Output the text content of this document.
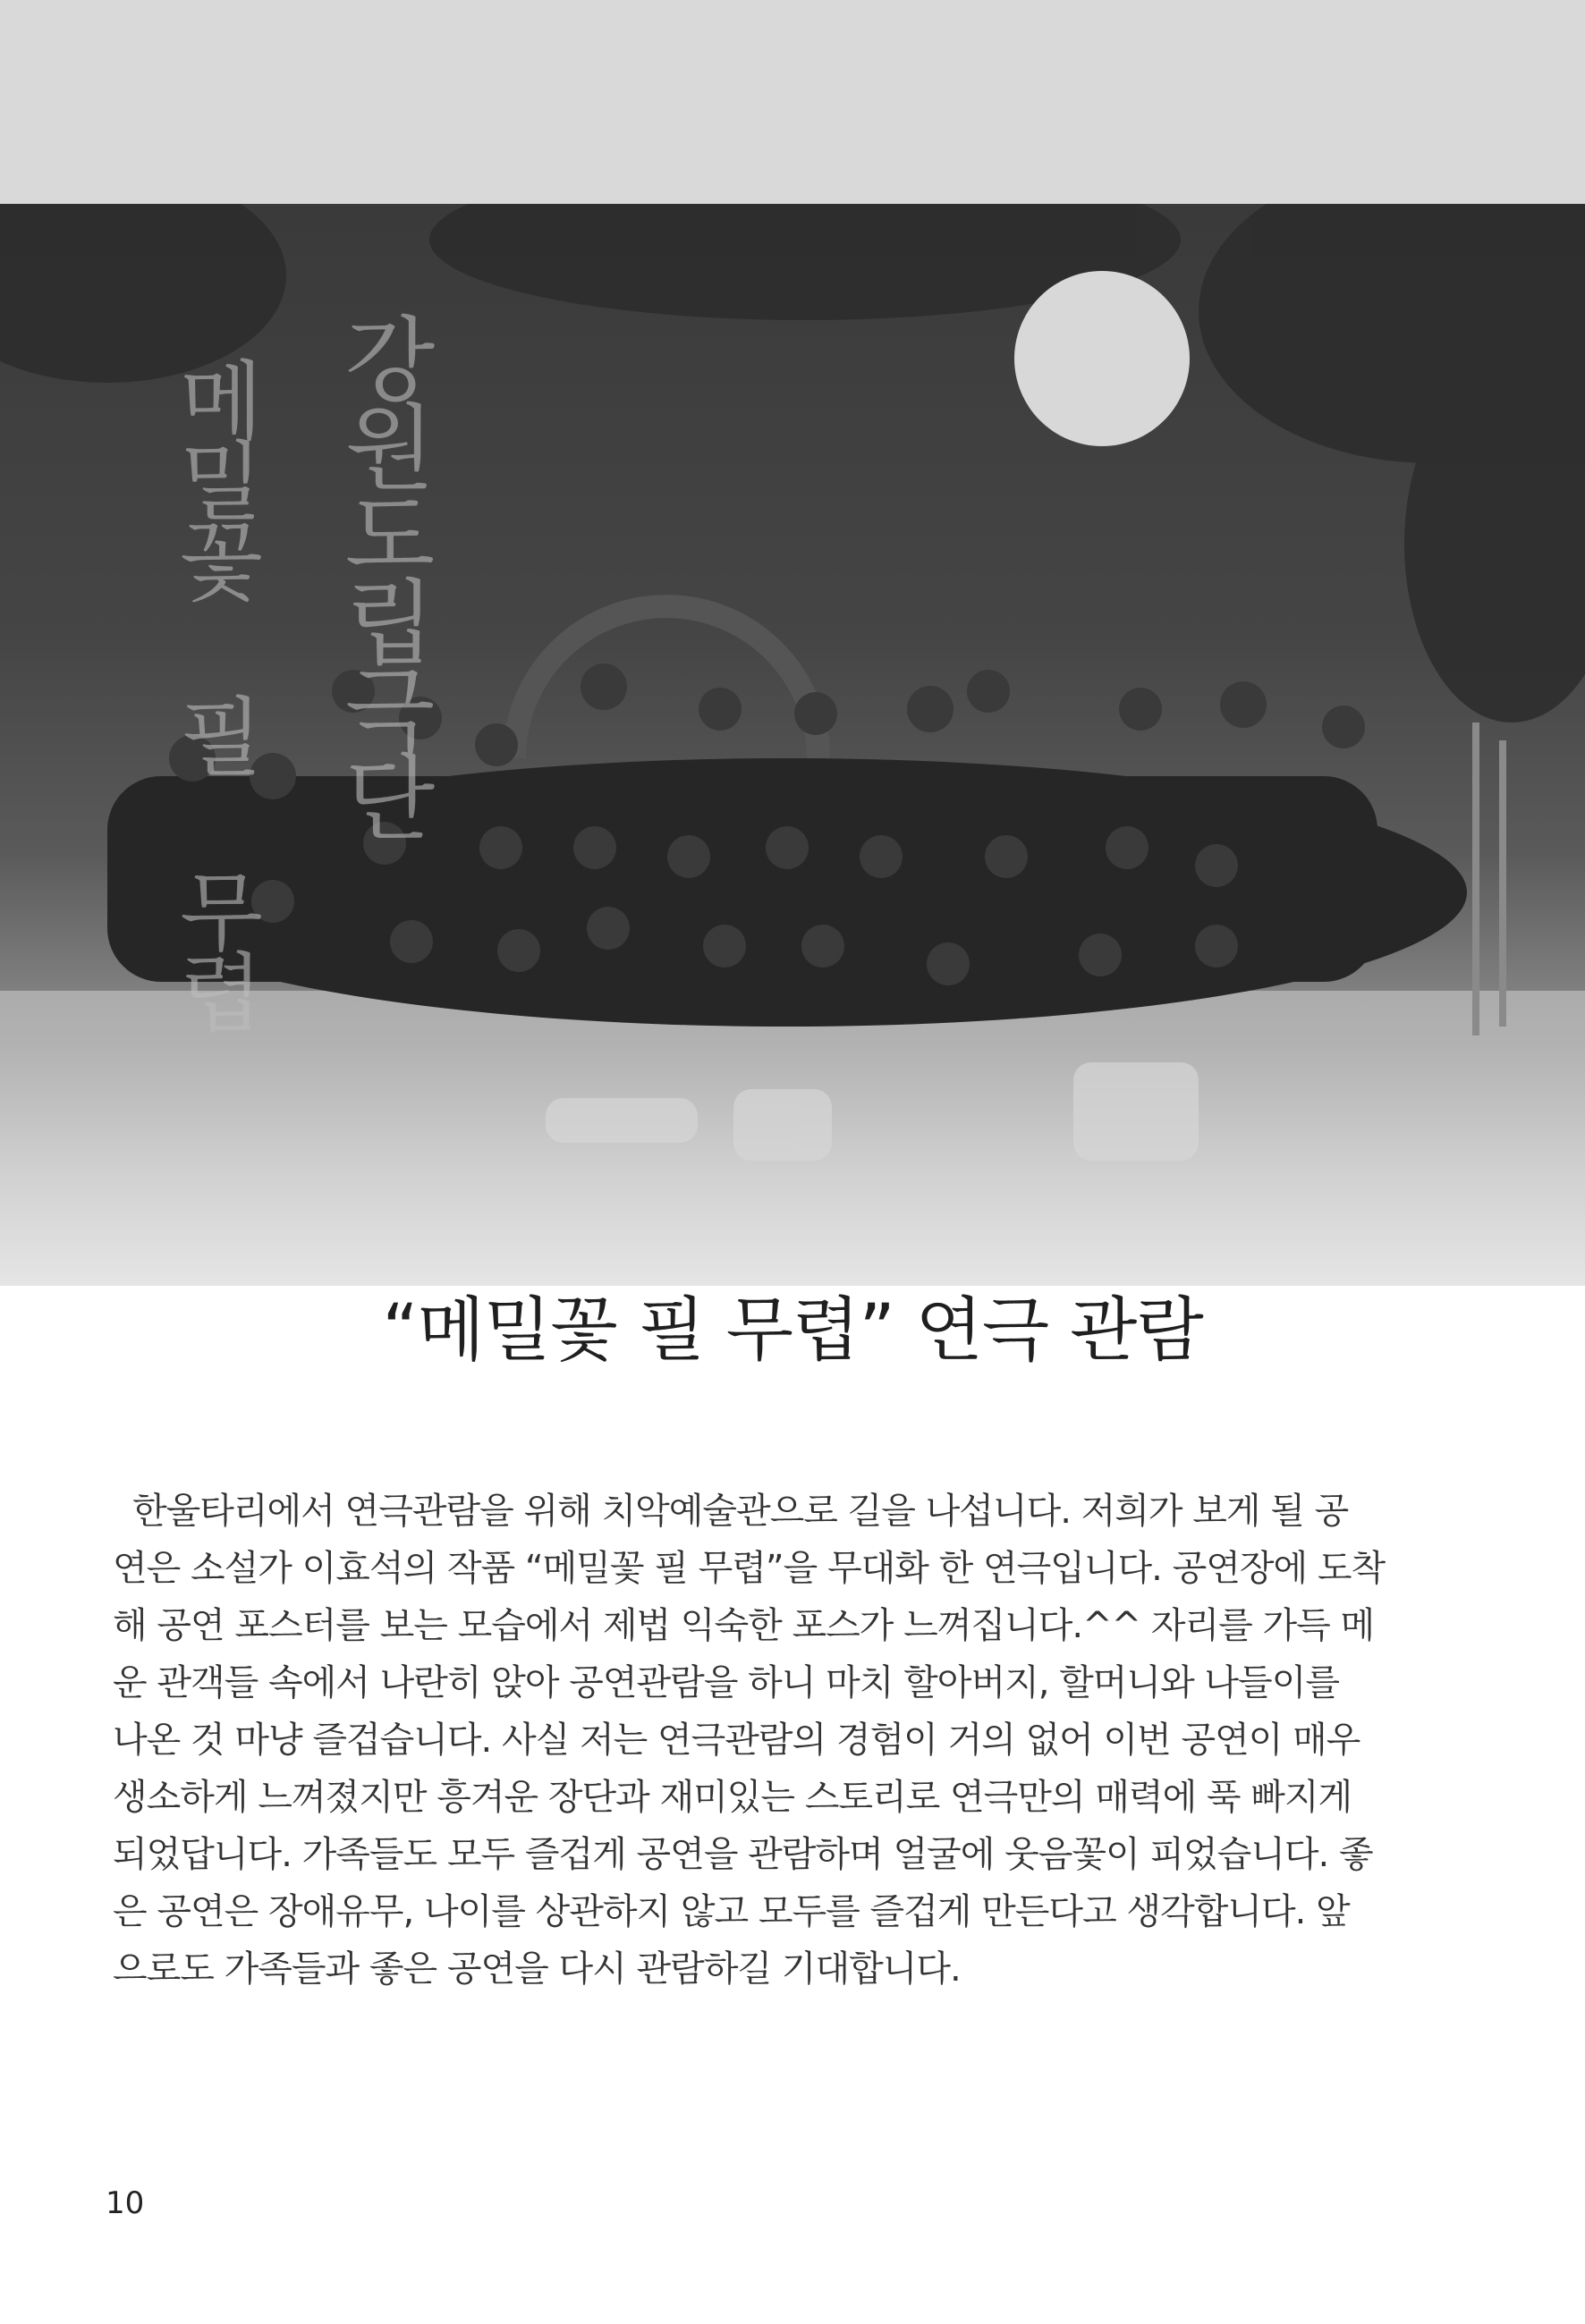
강원도립극단
메밀꽃 필 무렵
“메밀꽃 필 무렵” 연극 관람
한울타리에서 연극관람을 위해 치악예술관으로 길을 나섭니다. 저희가 보게 될 공
연은 소설가 이효석의 작품 “메밀꽃 필 무렵”을 무대화 한 연극입니다. 공연장에 도착
해 공연 포스터를 보는 모습에서 제법 익숙한 포스가 느껴집니다.^^ 자리를 가득 메
운 관객들 속에서 나란히 앉아 공연관람을 하니 마치 할아버지, 할머니와 나들이를
나온 것 마냥 즐겁습니다. 사실 저는 연극관람의 경험이 거의 없어 이번 공연이 매우
생소하게 느껴졌지만 흥겨운 장단과 재미있는 스토리로 연극만의 매력에 푹 빠지게
되었답니다. 가족들도 모두 즐겁게 공연을 관람하며 얼굴에 웃음꽃이 피었습니다. 좋
은 공연은 장애유무, 나이를 상관하지 않고 모두를 즐겁게 만든다고 생각합니다. 앞
으로도 가족들과 좋은 공연을 다시 관람하길 기대합니다.
10
